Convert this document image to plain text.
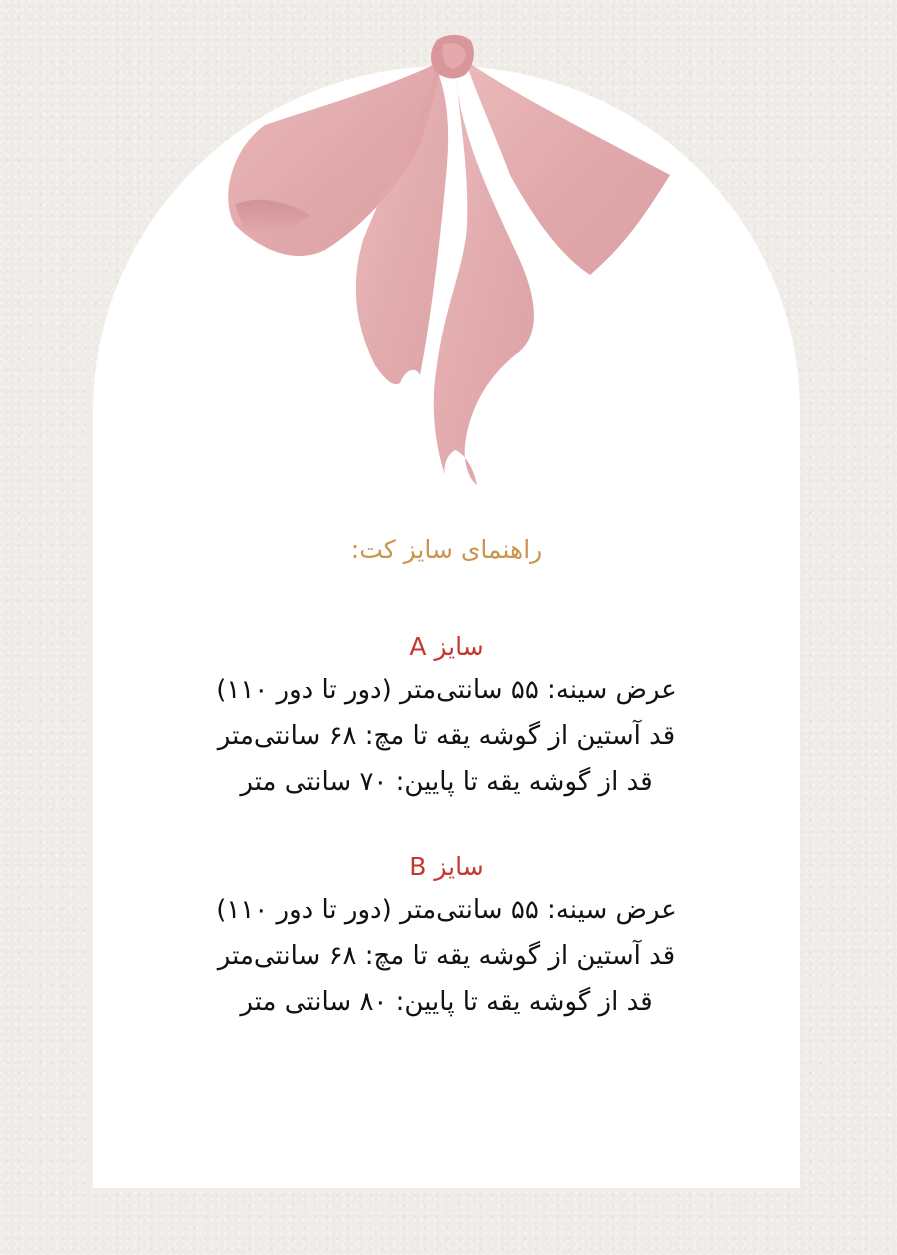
راهنمای سایز کت:
سایز A
عرض سینه: ۵۵ سانتی‌متر (دور تا دور ۱۱۰)
قد آستین از گوشه یقه تا مچ: ۶۸ سانتی‌متر
قد از گوشه یقه تا پایین: ۷۰ سانتی متر
سایز B
عرض سینه: ۵۵ سانتی‌متر (دور تا دور ۱۱۰)
قد آستین از گوشه یقه تا مچ: ۶۸ سانتی‌متر
قد از گوشه یقه تا پایین: ۸۰ سانتی متر
